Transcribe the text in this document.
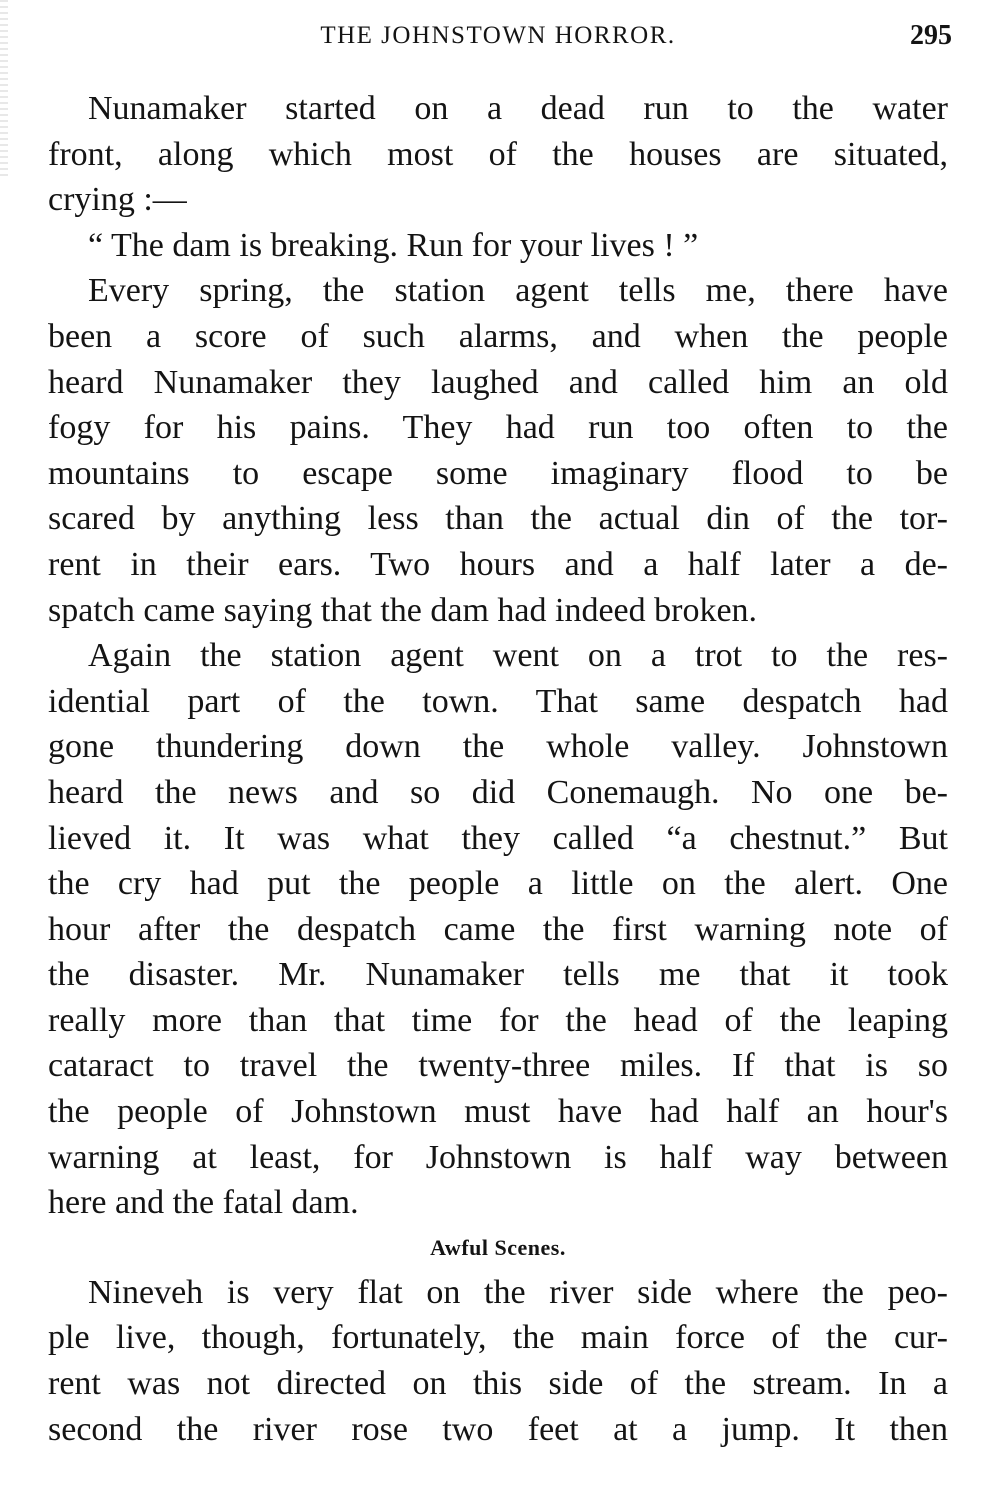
THE JOHNSTOWN HORROR.	295
Nunamaker started on a dead run to the water
front, along which most of the houses are situated,
crying :—
“ The dam is breaking. Run for your lives ! ”
Every spring, the station agent tells me, there have
been a score of such alarms, and when the people
heard Nunamaker they laughed and called him an old
fogy for his pains. They had run too often to the
mountains to escape some imaginary flood to be
scared by anything less than the actual din of the tor-
rent in their ears. Two hours and a half later a de-
spatch came saying that the dam had indeed broken.
Again the station agent went on a trot to the res-
idential part of the town. That same despatch had
gone thundering down the whole valley. Johnstown
heard the news and so did Conemaugh. No one be-
lieved it. It was what they called “a chestnut.” But
the cry had put the people a little on the alert. One
hour after the despatch came the first warning note of
the disaster. Mr. Nunamaker tells me that it took
really more than that time for the head of the leaping
cataract to travel the twenty-three miles. If that is so
the people of Johnstown must have had half an hour's
warning at least, for Johnstown is half way between
here and the fatal dam.
Awful Scenes.
Nineveh is very flat on the river side where the peo-
ple live, though, fortunately, the main force of the cur-
rent was not directed on this side of the stream. In a
second the river rose two feet at a jump. It then
